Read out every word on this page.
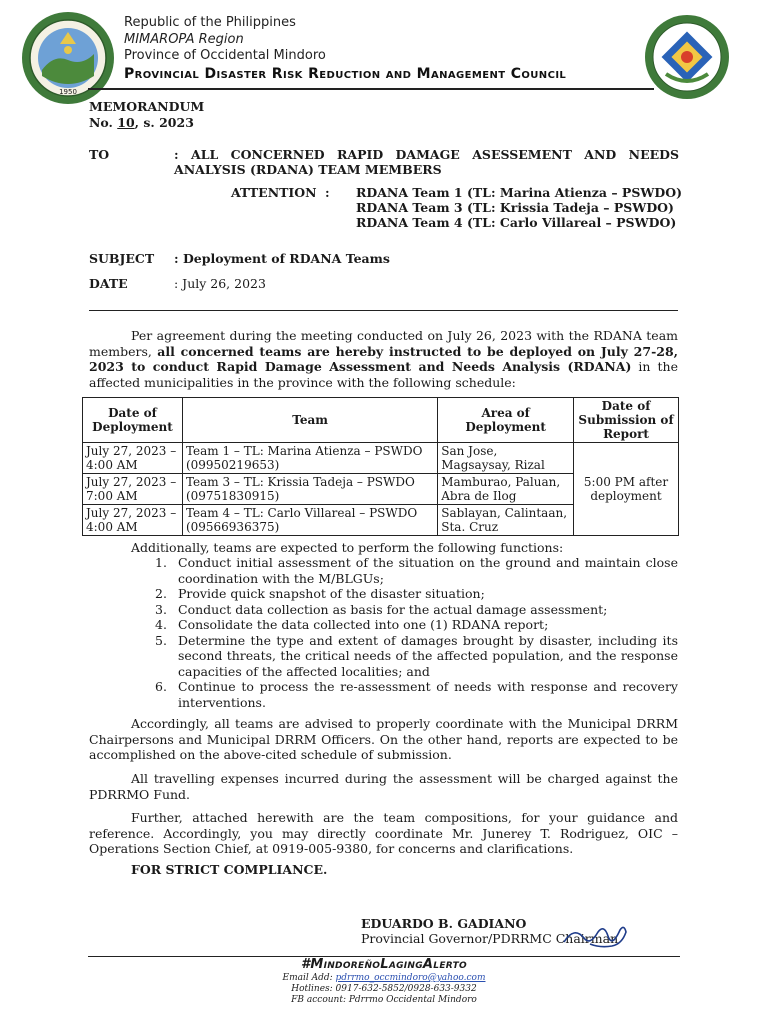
1950
Republic of the Philippines
MIMAROPA Region
Province of Occidental Mindoro
Provincial Disaster Risk Reduction and Management Council
MEMORANDUM
No. 10, s. 2023
TO	: ALL CONCERNED RAPID DAMAGE ASESSEMENT AND NEEDS ANALYSIS (RDANA) TEAM MEMBERS
ATTENTION : RDANA Team 1 (TL: Marina Atienza – PSWDO)
RDANA Team 3 (TL: Krissia Tadeja – PSWDO)
RDANA Team 4 (TL: Carlo Villareal – PSWDO)
SUBJECT : Deployment of RDANA Teams
DATE	: July 26, 2023
Per agreement during the meeting conducted on July 26, 2023 with the RDANA team members, all concerned teams are hereby instructed to be deployed on July 27-28, 2023 to conduct Rapid Damage Assessment and Needs Analysis (RDANA) in the affected municipalities in the province with the following schedule:
Date of Deployment	Team	Area of Deployment	Date of Submission of Report
July 27, 2023 – 4:00 AM	Team 1 – TL: Marina Atienza – PSWDO (09950219653)	San Jose, Magsaysay, Rizal	5:00 PM after deployment
July 27, 2023 – 7:00 AM	Team 3 – TL: Krissia Tadeja – PSWDO (09751830915)	Mamburao, Paluan, Abra de Ilog	
July 27, 2023 – 4:00 AM	Team 4 – TL: Carlo Villareal – PSWDO (09566936375)	Sablayan, Calintaan, Sta. Cruz	
Additionally, teams are expected to perform the following functions:
1. Conduct initial assessment of the situation on the ground and maintain close coordination with the M/BLGUs;
2. Provide quick snapshot of the disaster situation;
3. Conduct data collection as basis for the actual damage assessment;
4. Consolidate the data collected into one (1) RDANA report;
5. Determine the type and extent of damages brought by disaster, including its second threats, the critical needs of the affected population, and the response capacities of the affected localities; and
6. Continue to process the re-assessment of needs with response and recovery interventions.
Accordingly, all teams are advised to properly coordinate with the Municipal DRRM Chairpersons and Municipal DRRM Officers. On the other hand, reports are expected to be accomplished on the above-cited schedule of submission.
All travelling expenses incurred during the assessment will be charged against the PDRRMO Fund.
Further, attached herewith are the team compositions, for your guidance and reference. Accordingly, you may directly coordinate Mr. Junerey T. Rodriguez, OIC – Operations Section Chief, at 0919-005-9380, for concerns and clarifications.
FOR STRICT COMPLIANCE.
EDUARDO B. GADIANO
Provincial Governor/PDRRMC Chairman
#MindoreñoLagingAlerto
Email Add: pdrrmo_occmindoro@yahoo.com
Hotlines: 0917-632-5852/0928-633-9332
FB account: Pdrrmo Occidental Mindoro
